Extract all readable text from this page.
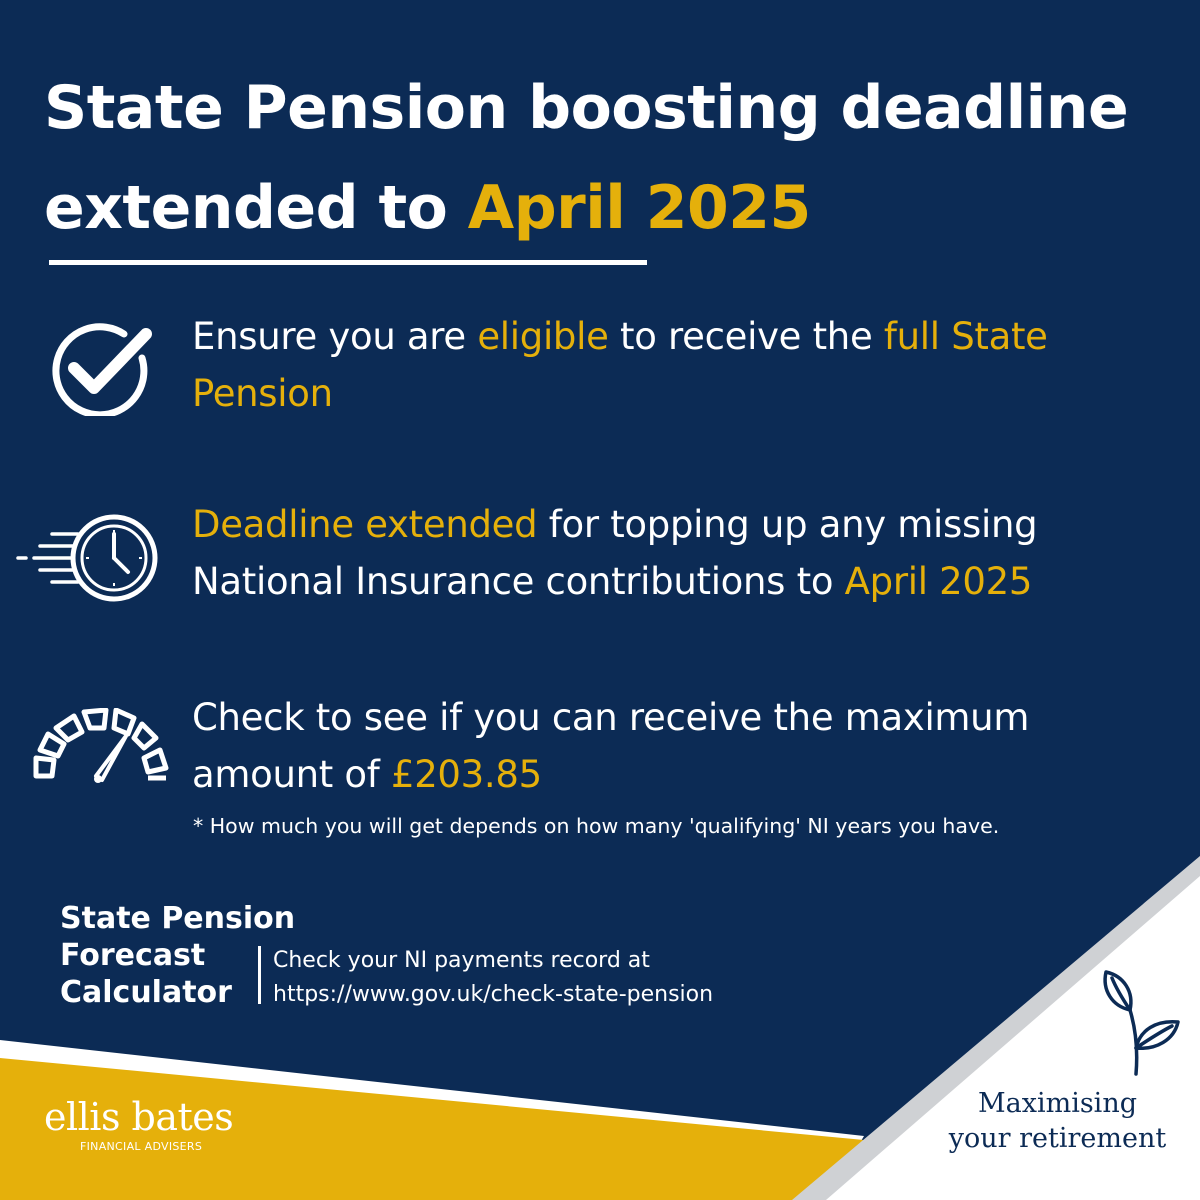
State Pension boosting deadline
extended to April 2025
Ensure you are eligible to receive the full State Pension
Deadline extended for topping up any missing National Insurance contributions to April 2025
Check to see if you can receive the maximum amount of £203.85
* How much you will get depends on how many 'qualifying' NI years you have.
State Pension
Forecast
Calculator
Check your NI payments record at
https://www.gov.uk/check-state-pension
ellis bates
FINANCIAL ADVISERS
Maximising
your retirement
